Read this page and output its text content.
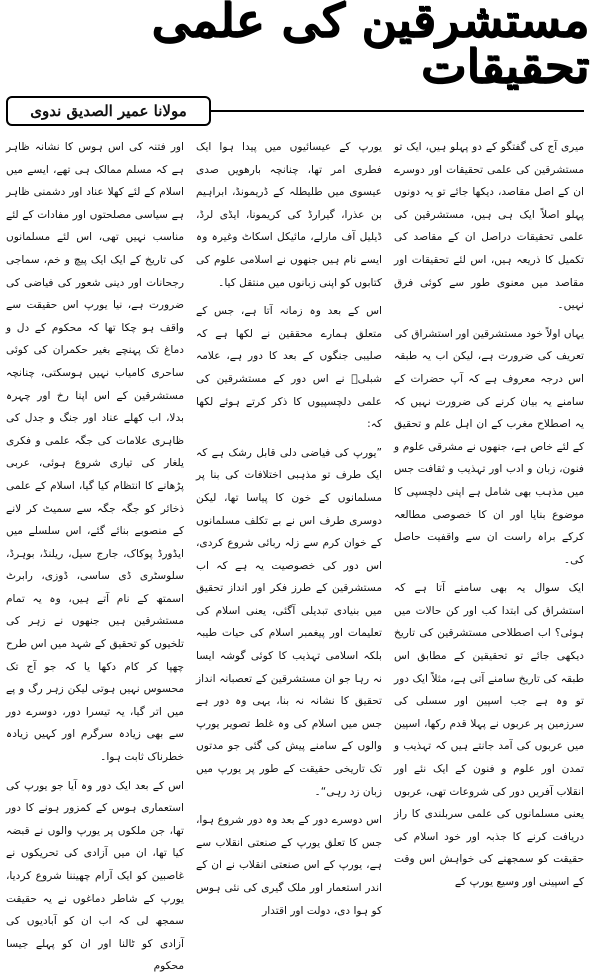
مستشرقین کی علمی تحقیقات
مولانا عمیر الصدیق ندوی

میری آج کی گفتگو کے دو پہلو ہیں، ایک تو مستشرقین کی علمی تحقیقات اور دوسرے ان کے اصل مقاصد، دیکھا جائے تو یہ دونوں پہلو اصلاً ایک ہی ہیں، مستشرقین کی علمی تحقیقات دراصل ان کے مقاصد کی تکمیل کا ذریعہ ہیں، اس لئے تحقیقات اور مقاصد میں معنوی طور سے کوئی فرق نہیں۔

یہاں اولاً خود مستشرقین اور استشراق کی تعریف کی ضرورت ہے، لیکن اب یہ طبقہ اس درجہ معروف ہے کہ آپ حضرات کے سامنے یہ بیان کرنے کی ضرورت نہیں کہ یہ اصطلاح مغرب کے ان اہل علم و تحقیق کے لئے خاص ہے، جنھوں نے مشرقی علوم و فنون، زبان و ادب اور تہذیب و ثقافت جس میں مذہب بھی شامل ہے اپنی دلچسپی کا موضوع بنایا اور ان کا خصوصی مطالعہ کرکے براہ راست ان سے واقفیت حاصل کی۔

ایک سوال یہ بھی سامنے آتا ہے کہ استشراق کی ابتدا کب اور کن حالات میں ہوئی؟ اب اصطلاحی مستشرقین کی تاریخ دیکھی جائے تو تحقیقین کے مطابق اس طبقہ کی تاریخ سامنے آتی ہے، مثلاً ایک دور تو وہ ہے جب اسپین اور سسلی کی سرزمین پر عربوں نے پہلا قدم رکھا، اسپین میں عربوں کی آمد جانتے ہیں کہ تہذیب و تمدن اور علوم و فنون کے ایک نئے اور انقلاب آفریں دور کی شروعات تھی، عربوں یعنی مسلمانوں کی علمی سربلندی کا راز دریافت کرنے کا جذبہ اور خود اسلام کی حقیقت کو سمجھنے کی خواہش اس وقت کے اسپینی اور وسیع یورپ کے

یورپ کے عیسائیوں میں پیدا ہوا ایک فطری امر تھا، چنانچہ بارھویں صدی عیسوی میں طلیطلہ کے ڈریمونڈ، ابراہیم بن عذرا، گیرارڈ کی کریمونا، ایڈی لرڈ، ڈیلیل آف مارلے، مائیکل اسکاٹ وغیرہ وہ ایسے نام ہیں جنھوں نے اسلامی علوم کی کتابوں کو اپنی زبانوں میں منتقل کیا۔

اس کے بعد وہ زمانہ آتا ہے، جس کے متعلق ہمارے محققین نے لکھا ہے کہ صلیبی جنگوں کے بعد کا دور ہے، علامہ شبلیؒ نے اس دور کے مستشرقین کی علمی دلچسپیوں کا ذکر کرتے ہوئے لکھا کہ:

”یورپ کی فیاضی دلی قابل رشک ہے کہ ایک طرف تو مذہبی اختلافات کی بنا پر مسلمانوں کے خون کا پیاسا تھا، لیکن دوسری طرف اس نے بے تکلف مسلمانوں کے خوان کرم سے زلہ ربائی شروع کردی، اس دور کی خصوصیت یہ ہے کہ اب مستشرقین کے طرز فکر اور انداز تحقیق میں بنیادی تبدیلی آگئی، یعنی اسلام کی تعلیمات اور پیغمبر اسلام کی حیات طیبہ بلکہ اسلامی تہذیب کا کوئی گوشہ ایسا نہ رہا جو ان مستشرقین کے تعصبانہ انداز تحقیق کا نشانہ نہ بنا، یہی وہ دور ہے جس میں اسلام کی وہ غلط تصویر یورپ والوں کے سامنے پیش کی گئی جو مدتوں تک تاریخی حقیقت کے طور پر یورپ میں زبان زد رہی“۔

اس دوسرے دور کے بعد وہ دور شروع ہوا، جس کا تعلق یورپ کے صنعتی انقلاب سے ہے، یورپ کے اس صنعتی انقلاب نے ان کے اندر استعمار اور ملک گیری کی نئی ہوس کو ہوا دی، دولت اور اقتدار

اور فتنہ کی اس ہوس کا نشانہ ظاہر ہے کہ مسلم ممالک ہی تھے، ایسے میں اسلام کے لئے کھلا عناد اور دشمنی ظاہر ہے سیاسی مصلحتوں اور مفادات کے لئے مناسب نہیں تھی، اس لئے مسلمانوں کی تاریخ کے ایک ایک پیچ و خم، سماجی رجحانات اور دینی شعور کی فیاضی کی ضرورت ہے، نیا یورپ اس حقیقت سے واقف ہو چکا تھا کہ محکوم کے دل و دماغ تک پہنچے بغیر حکمران کی کوئی ساحری کامیاب نہیں ہوسکتی، چنانچہ مستشرقین کے اس اپنا رخ اور چہرہ بدلا، اب کھلے عناد اور جنگ و جدل کی ظاہری علامات کی جگہ علمی و فکری یلغار کی تیاری شروع ہوئی، عربی پڑھانے کا انتظام کیا گیا، اسلام کے علمی ذخائر کو جگہ جگہ سے سمیٹ کر لانے کے منصوبے بنائے گئے، اس سلسلے میں ایڈورڈ پوکاک، جارج سیل، ریلنڈ، بوہرڈ، سلوسٹری ڈی ساسی، ڈوزی، رابرٹ اسمتھ کے نام آتے ہیں، وہ یہ تمام مستشرقین ہیں جنھوں نے زہر کی تلخیوں کو تحقیق کے شہد میں اس طرح چھپا کر کام دکھا یا کہ جو آج تک محسوس نہیں ہوتی لیکن زہر رگ و پے میں اتر گیا، یہ تیسرا دور، دوسرے دور سے بھی زیادہ سرگرم اور کہیں زیادہ خطرناک ثابت ہوا۔

اس کے بعد ایک دور وہ آیا جو یورپ کی استعماری ہوس کے کمزور ہونے کا دور تھا، جن ملکوں پر یورپ والوں نے قبضہ کیا تھا، ان میں آزادی کی تحریکوں نے غاصبین کو ایک آرام چھیننا شروع کردیا، یورپ کے شاطر دماغوں نے یہ حقیقت سمجھ لی کہ اب ان کو آبادیوں کی آزادی کو ٹالنا اور ان کو پہلے جیسا محکوم
